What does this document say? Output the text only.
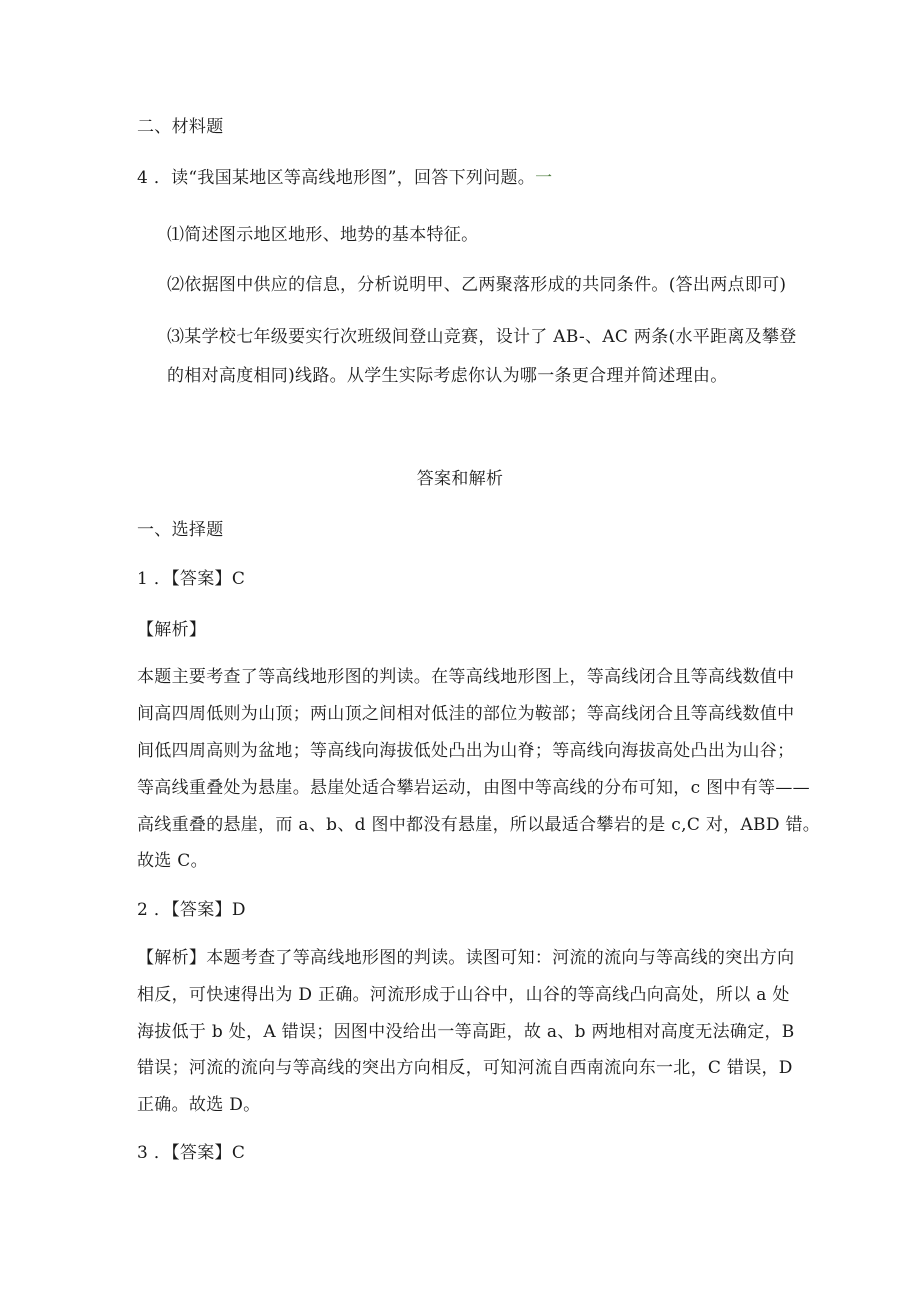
二、材料题
4 ．读“我国某地区等高线地形图”，回答下列问题。一
⑴简述图示地区地形、地势的基本特征。
⑵依据图中供应的信息，分析说明甲、乙两聚落形成的共同条件。(答出两点即可)
⑶某学校七年级要实行次班级间登山竞赛，设计了 AB-、AC 两条(水平距离及攀登
的相对高度相同)线路。从学生实际考虑你认为哪一条更合理并简述理由。
答案和解析
一、选择题
1 ．【答案】C
【解析】
本题主要考查了等高线地形图的判读。在等高线地形图上，等高线闭合且等高线数值中
间高四周低则为山顶；两山顶之间相对低洼的部位为鞍部；等高线闭合且等高线数值中
间低四周高则为盆地；等高线向海拔低处凸出为山脊；等高线向海拔高处凸出为山谷；
等高线重叠处为悬崖。悬崖处适合攀岩运动，由图中等高线的分布可知，c 图中有等——
高线重叠的悬崖，而 a、b、d 图中都没有悬崖，所以最适合攀岩的是 c,C 对，ABD 错。
故选 C。
2 ．【答案】D
【解析】本题考查了等高线地形图的判读。读图可知：河流的流向与等高线的突出方向
相反，可快速得出为 D 正确。河流形成于山谷中，山谷的等高线凸向高处，所以 a 处
海拔低于 b 处，A 错误；因图中没给出一等高距，故 a、b 两地相对高度无法确定，B
错误；河流的流向与等高线的突出方向相反，可知河流自西南流向东一北，C 错误，D
正确。故选 D。
3 ．【答案】C
